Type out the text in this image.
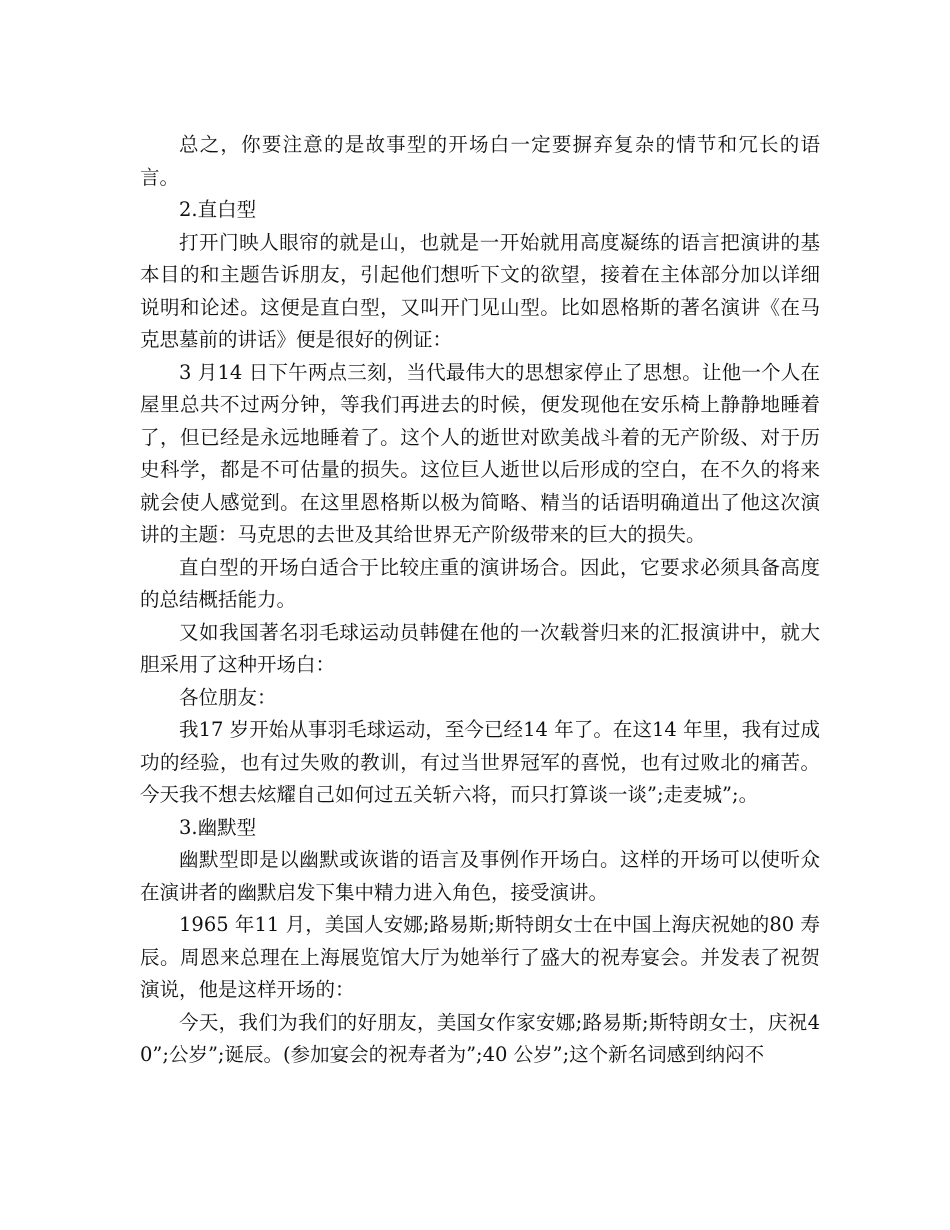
总之，你要注意的是故事型的开场白一定要摒弃复杂的情节和冗长的语言。

2.直白型

打开门映人眼帘的就是山，也就是一开始就用高度凝练的语言把演讲的基本目的和主题告诉朋友，引起他们想听下文的欲望，接着在主体部分加以详细说明和论述。这便是直白型，又叫开门见山型。比如恩格斯的著名演讲《在马克思墓前的讲话》便是很好的例证：

3 月14 日下午两点三刻，当代最伟大的思想家停止了思想。让他一个人在屋里总共不过两分钟，等我们再进去的时候，便发现他在安乐椅上静静地睡着了，但已经是永远地睡着了。这个人的逝世对欧美战斗着的无产阶级、对于历史科学，都是不可估量的损失。这位巨人逝世以后形成的空白，在不久的将来就会使人感觉到。在这里恩格斯以极为简略、精当的话语明确道出了他这次演讲的主题：马克思的去世及其给世界无产阶级带来的巨大的损失。

直白型的开场白适合于比较庄重的演讲场合。因此，它要求必须具备高度的总结概括能力。

又如我国著名羽毛球运动员韩健在他的一次载誉归来的汇报演讲中，就大胆采用了这种开场白：

各位朋友：

我17 岁开始从事羽毛球运动，至今已经14 年了。在这14 年里，我有过成功的经验，也有过失败的教训，有过当世界冠军的喜悦，也有过败北的痛苦。今天我不想去炫耀自己如何过五关斩六将，而只打算谈一谈”;走麦城”;。

3.幽默型

幽默型即是以幽默或诙谐的语言及事例作开场白。这样的开场可以使听众在演讲者的幽默启发下集中精力进入角色，接受演讲。

1965 年11 月，美国人安娜;路易斯;斯特朗女士在中国上海庆祝她的80 寿辰。周恩来总理在上海展览馆大厅为她举行了盛大的祝寿宴会。并发表了祝贺演说，他是这样开场的：

今天，我们为我们的好朋友，美国女作家安娜;路易斯;斯特朗女士，庆祝40”;公岁”;诞辰。(参加宴会的祝寿者为”;40 公岁”;这个新名词感到纳闷不
